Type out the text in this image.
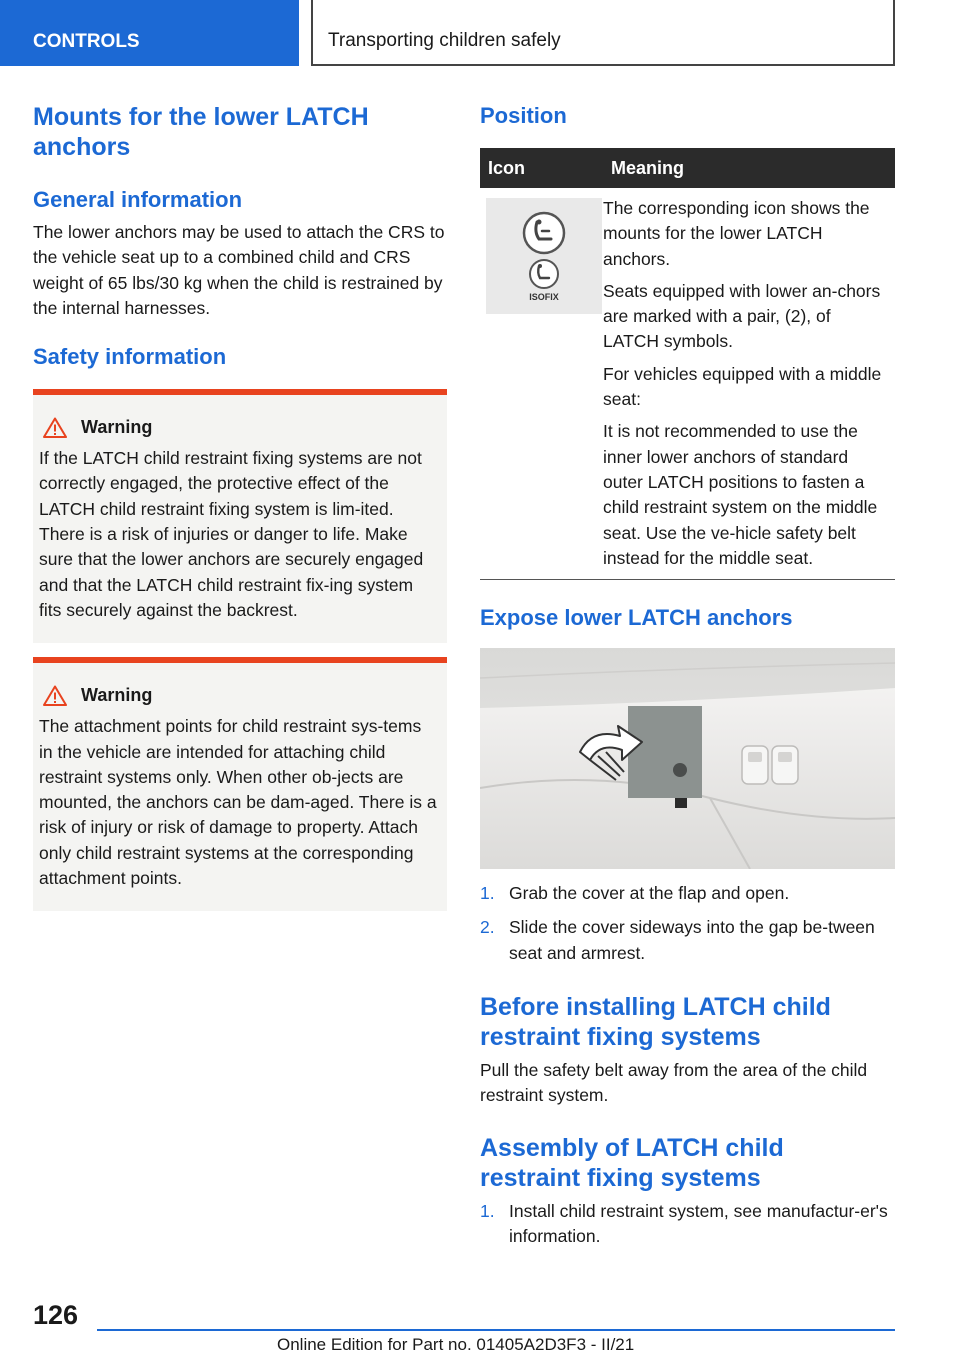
CONTROLS	Transporting children safely
Mounts for the lower LATCH anchors
General information
The lower anchors may be used to attach the CRS to the vehicle seat up to a combined child and CRS weight of 65 lbs/30 kg when the child is restrained by the internal harnesses.
Safety information
Warning
If the LATCH child restraint fixing systems are not correctly engaged, the protective effect of the LATCH child restraint fixing system is lim-ited. There is a risk of injuries or danger to life. Make sure that the lower anchors are securely engaged and that the LATCH child restraint fix-ing system fits securely against the backrest.
Warning
The attachment points for child restraint sys-tems in the vehicle are intended for attaching child restraint systems only. When other ob-jects are mounted, the anchors can be dam-aged. There is a risk of injury or risk of damage to property. Attach only child restraint systems at the corresponding attachment points.
Position
Icon	Meaning

ISOFIX	The corresponding icon shows the mounts for the lower LATCH anchors.
Seats equipped with lower an-chors are marked with a pair, (2), of LATCH symbols.
For vehicles equipped with a middle seat:
It is not recommended to use the inner lower anchors of standard outer LATCH positions to fasten a child restraint system on the middle seat. Use the ve-hicle safety belt instead for the middle seat.
Expose lower LATCH anchors
1. Grab the cover at the flap and open.
2. Slide the cover sideways into the gap be-tween seat and armrest.
Before installing LATCH child restraint fixing systems
Pull the safety belt away from the area of the child restraint system.
Assembly of LATCH child restraint fixing systems
1. Install child restraint system, see manufactur-er's information.
126
Online Edition for Part no. 01405A2D3F3 - II/21
